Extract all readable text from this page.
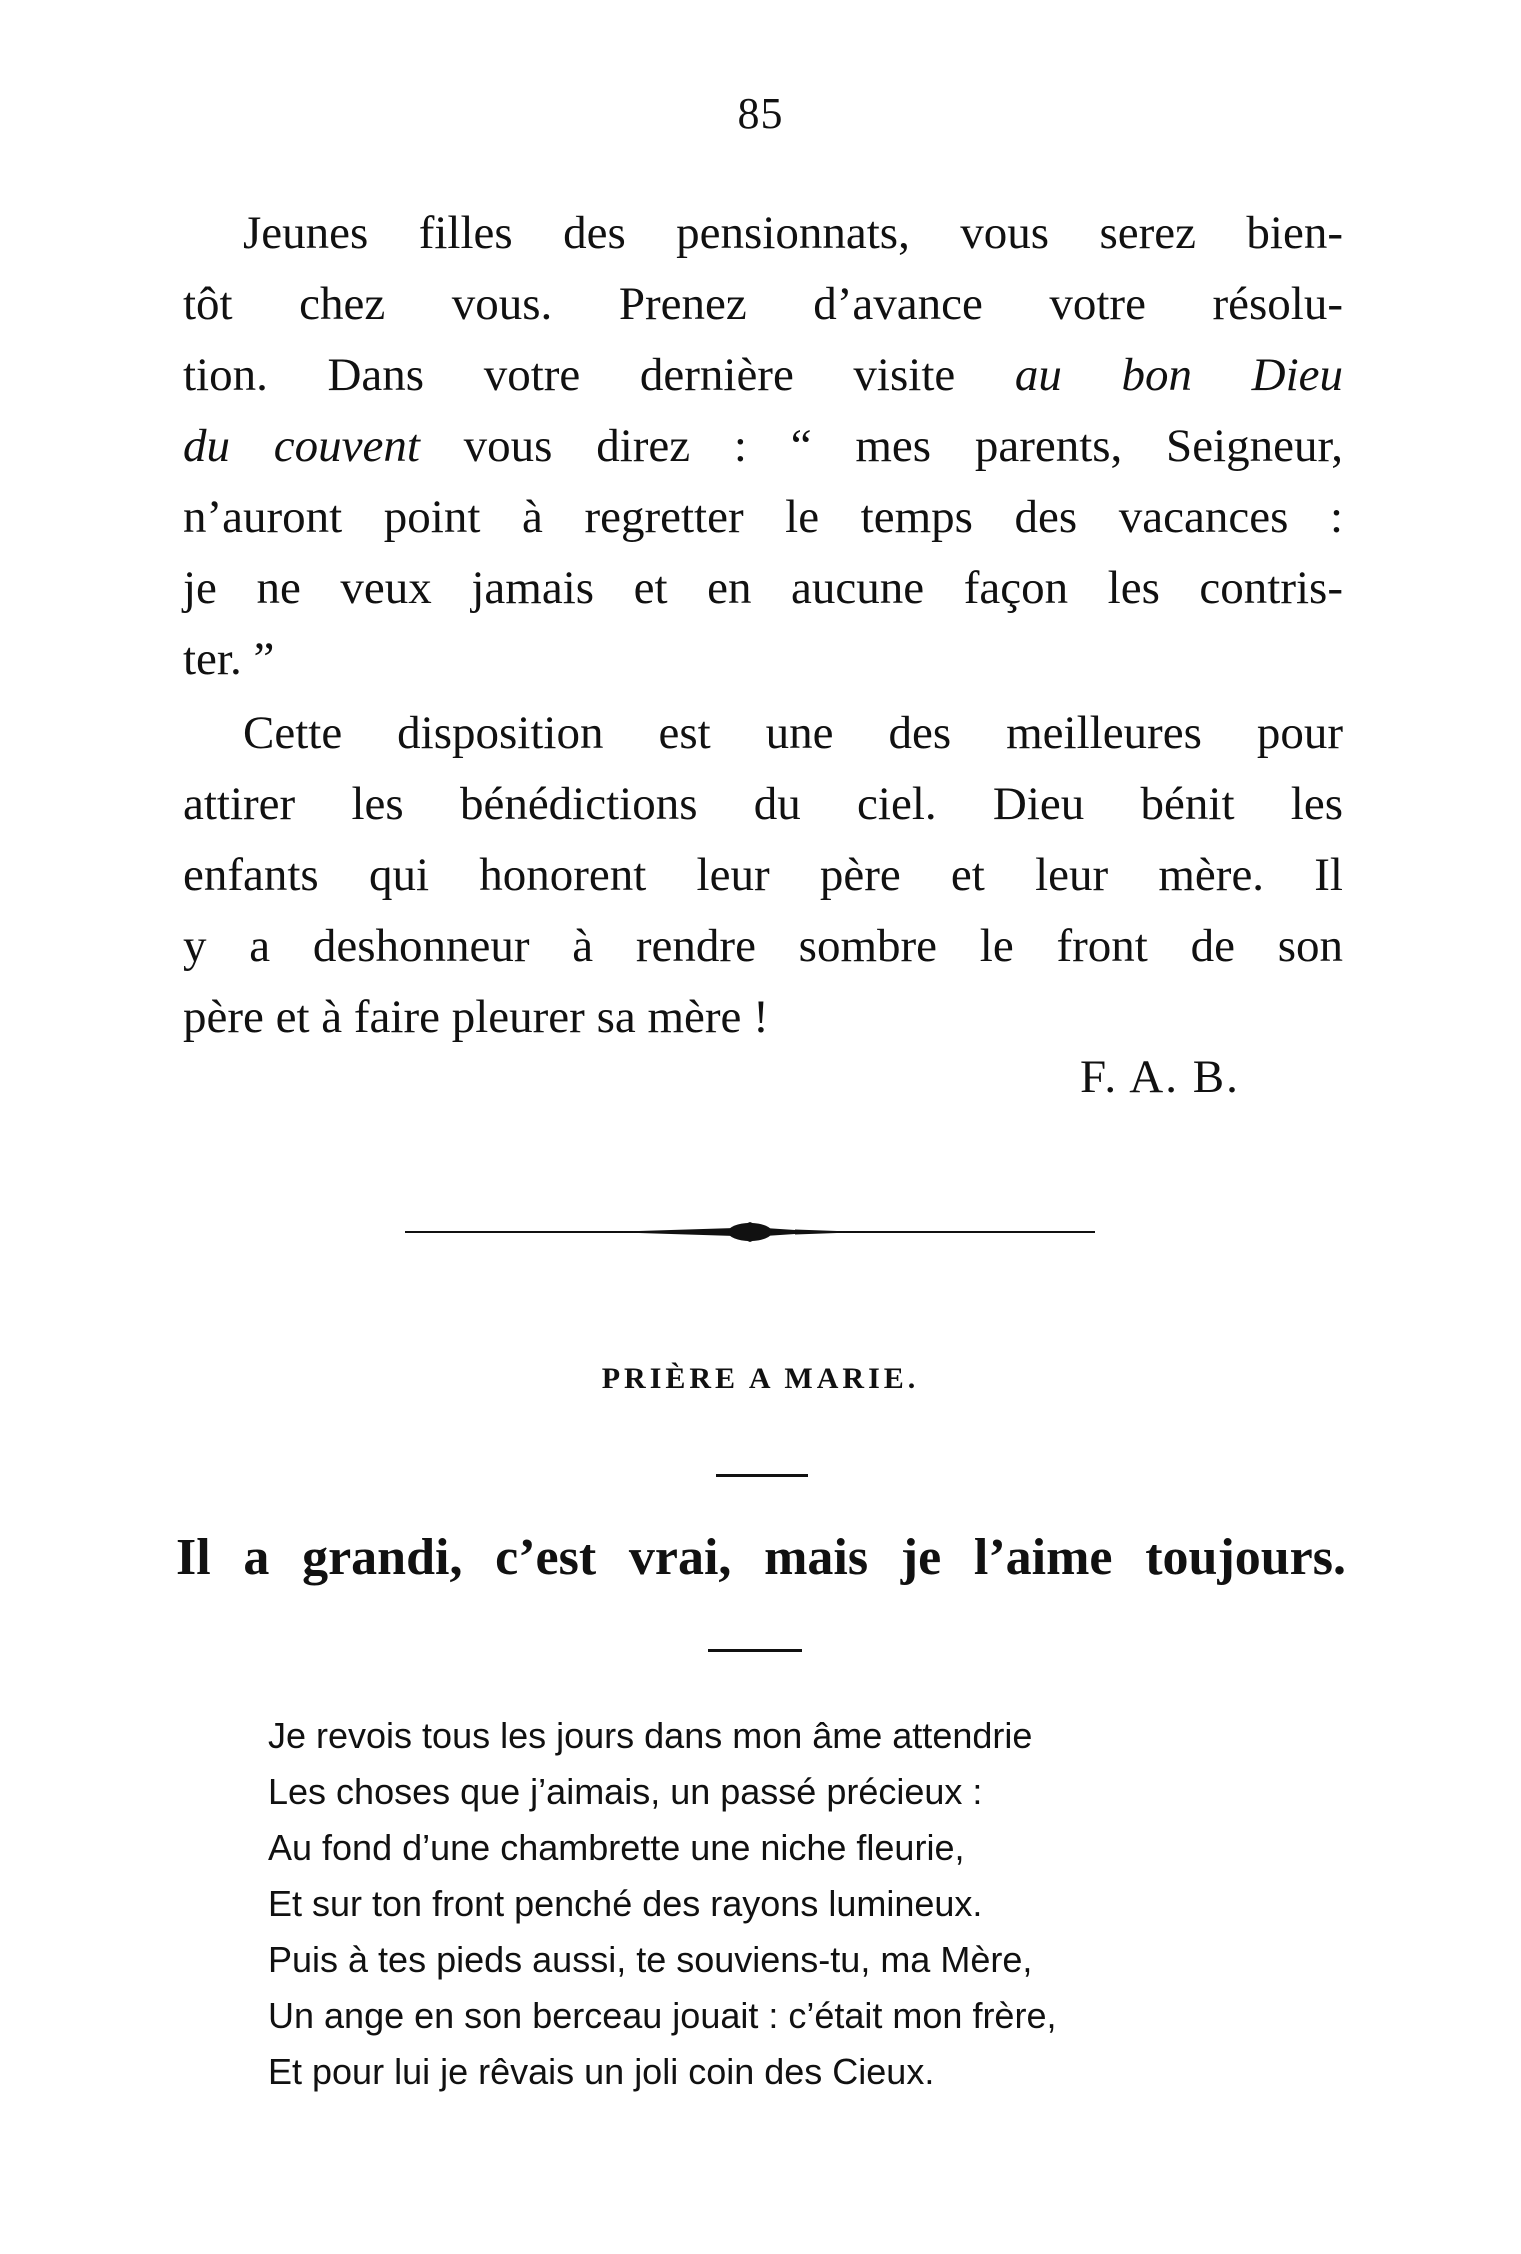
85
Jeunes filles des pensionnats, vous serez bien-
tôt chez vous. Prenez d’avance votre résolu-
tion. Dans votre dernière visite au bon Dieu
du couvent vous direz : “ mes parents, Seigneur,
n’auront point à regretter le temps des vacances :
je ne veux jamais et en aucune façon les contris-
ter. ”
Cette disposition est une des meilleures pour
attirer les bénédictions du ciel. Dieu bénit les
enfants qui honorent leur père et leur mère. Il
y a deshonneur à rendre sombre le front de son
père et à faire pleurer sa mère !
F. A. B.
PRIÈRE A MARIE.
Il a grandi, c’est vrai, mais je l’aime toujours.
Je revois tous les jours dans mon âme attendrie
Les choses que j’aimais, un passé précieux :
Au fond d’une chambrette une niche fleurie,
Et sur ton front penché des rayons lumineux.
Puis à tes pieds aussi, te souviens-tu, ma Mère,
Un ange en son berceau jouait : c’était mon frère,
Et pour lui je rêvais un joli coin des Cieux.
